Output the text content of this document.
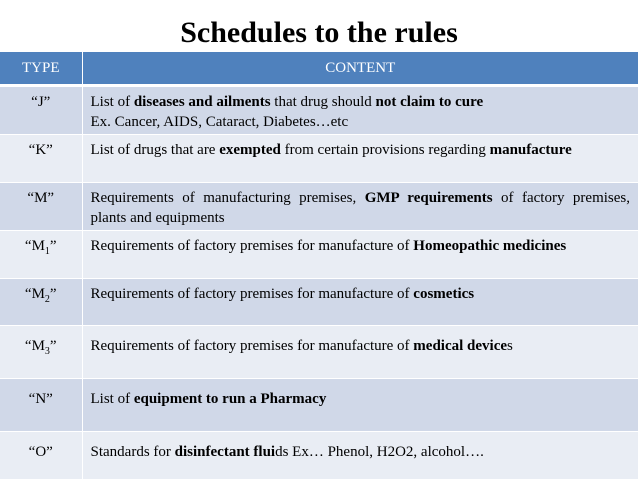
Schedules to the rules
TYPE	CONTENT
“J”	List of diseases and ailments that drug should not claim to cure
Ex. Cancer, AIDS, Cataract, Diabetes…etc

“K”	List of drugs that are exempted from certain provisions regarding manufacture
“M”	Requirements of manufacturing premises, GMP requirements of factory premises, plants and equipments
“$M_1$”	Requirements of factory premises for manufacture of Homeopathic medicines
“$M_2$”	Requirements of factory premises for manufacture of cosmetics
“$M_3$”	Requirements of factory premises for manufacture of medical devices
“N”	List of equipment to run a Pharmacy
“O”	Standards for disinfectant fluids Ex… Phenol, H2O2, alcohol….
